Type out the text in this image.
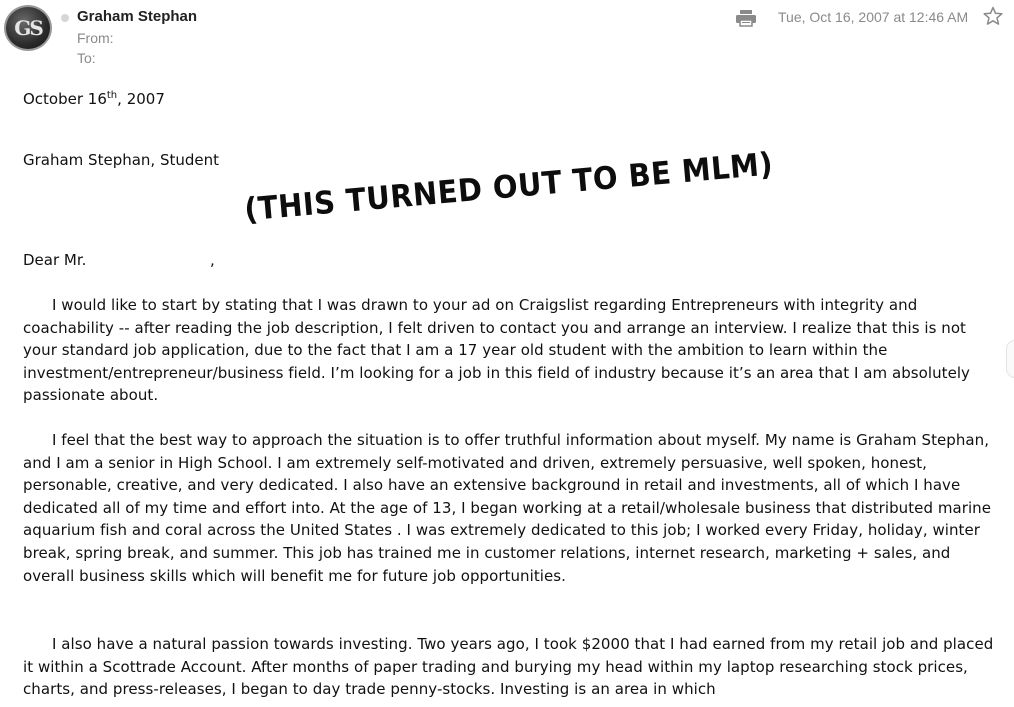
GS	Graham Stephan
From:
To:
Tue, Oct 16, 2007 at 12:46 AM
October 16th, 2007
Graham Stephan, Student
Dear Mr.	,

I would like to start by stating that I was drawn to your ad on Craigslist regarding Entrepreneurs with integrity and coachability -- after reading the job description, I felt driven to contact you and arrange an interview. I realize that this is not your standard job application, due to the fact that I am a 17 year old student with the ambition to learn within the investment/entrepreneur/business field. I’m looking for a job in this field of industry because it’s an area that I am absolutely passionate about.

I feel that the best way to approach the situation is to offer truthful information about myself. My name is Graham Stephan, and I am a senior in High School. I am extremely self-motivated and driven, extremely persuasive, well spoken, honest, personable, creative, and very dedicated. I also have an extensive background in retail and investments, all of which I have dedicated all of my time and effort into. At the age of 13, I began working at a retail/wholesale business that distributed marine aquarium fish and coral across the United States . I was extremely dedicated to this job; I worked every Friday, holiday, winter break, spring break, and summer. This job has trained me in customer relations, internet research, marketing + sales, and overall business skills which will benefit me for future job opportunities.

I also have a natural passion towards investing. Two years ago, I took $2000 that I had earned from my retail job and placed it within a Scottrade Account. After months of paper trading and burying my head within my laptop researching stock prices, charts, and press-releases, I began to day trade penny-stocks. Investing is an area in which

(THIS TURNED OUT TO BE MLM)
